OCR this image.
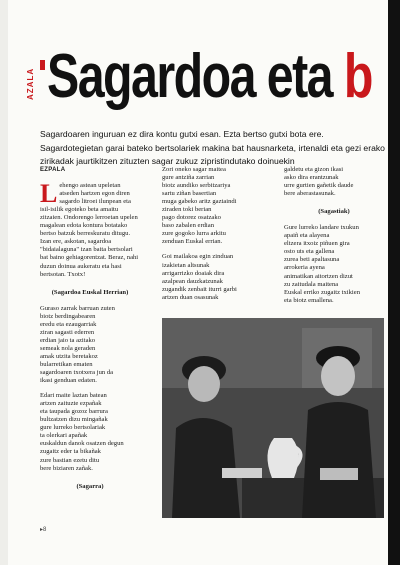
AZALA Sagardoa eta b
Sagardoaren inguruan ez dira kontu gutxi esan. Ezta bertso gutxi bota ere. Sagardotegietan garai bateko bertsolariek makina bat hausnarketa, irtenaldi eta gezi erako zirikadak jaurtikitzen zituzten sagar zukuz zipristindutako doinuekin
EZPALA

Lehengo astean upeletan atseden hartzen egon diren sagardo litroei ilunpean eta isil-isilik egoteko beta amaitu zitzaien. Ondorengo lerroetan upelen magalean edota kontura botatako bertso batzuk berreskuratu ditugu. Izan ere, askotan, sagardoa "bidaialaguna" izan baita bertsolari bat baino gehiagorentzat. Beraz, nahi duzun doinua aukeratu eta hasi bertsotan. Txotx!

(Sagardoa Euskal Herrian)
Guraso zarrak barruan zuten
biotz berdingabearen
eredu eta ezaugarriak
ziran sagasti ederren
erdian jaio ta azitako
semeak nola geraden
amak utzita beretakoz
bularretikan ematen
sagardoaren txotxera jun da
ikasi genduan edaten.
Edari maite laztan batean
artzen zaituzte ezpañak
eta taupada gozoz barrura
bultzatzen dizu mingañak
gure lurreko bertsolariak
ta olerkari apañak
euskaldun danok osatzen degun
zugaitz eder ta bikañak
zure bastian ezetu ditu
bere biziaren zañak.
(Sagarra)
Zori oneko sagar maitea
gure antziña zarrian
biotz aundiko serbitzariya
sartu ziñan basertian
muga gabeko aritz gaztaindi
ziraden toki berian
pago dotorez osatzako
baso zabalen erdian
zure gogoko lurra arkitu
zenduan Euskal errian.
Goi mailakoa egin zinduan
izakietan altsunak
arrigarrizko doaiak dira
azalpean dauzkatzunak
zugandik zenbait iturri garbi
artzen duan osasunak
galdetu eta gizon ikasi
asko dira erantzunak
urre gurtien gañetik daude
bere aberastasunak.
(Sagastiak)
Gure lurreko landare txukun
apaiñ eta alayena
eltzera itxoiz piñuen gira
osto uts eta gallena
zurea beti apaltasuna
arrokeria ayena
animatikan aitortzen dizut
zu zaitudala maitena
Euskal erriko zugaitz txikien
eta biotz emallena.
▸8
